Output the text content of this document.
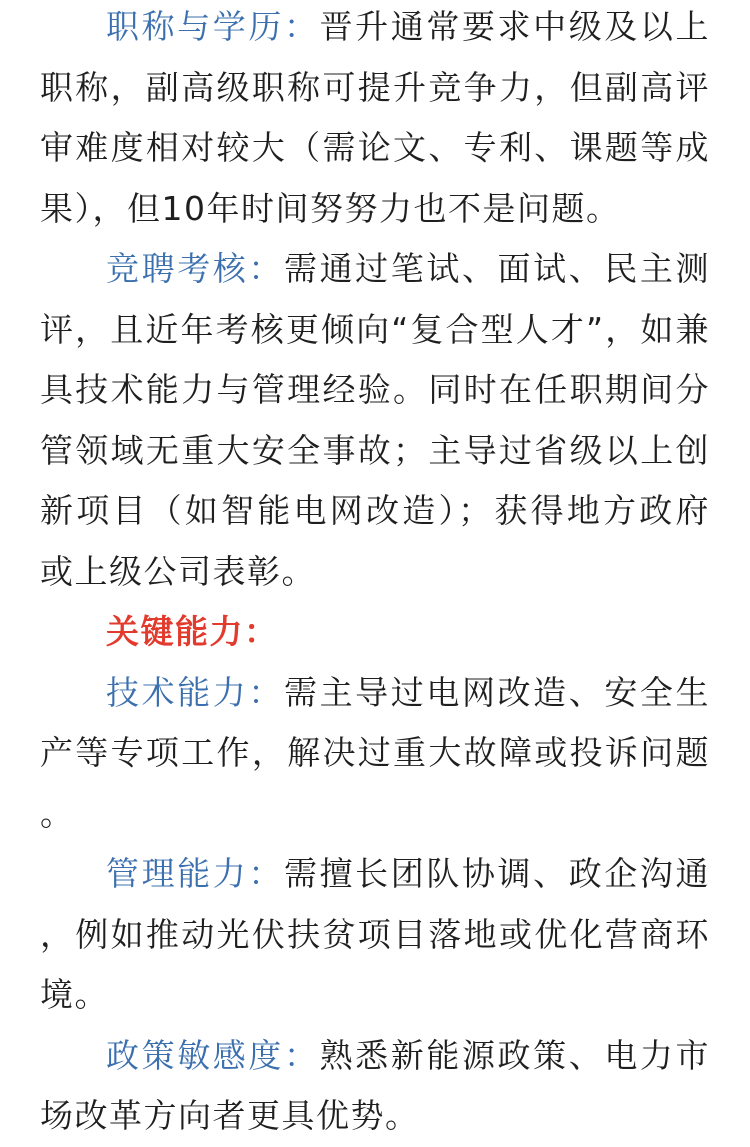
职称与学历：晋升通常要求中级及以上职称，副高级职称可提升竞争力，但副高评审难度相对较大（需论文、专利、课题等成果），但10年时间努努力也不是问题。

竞聘考核：需通过笔试、面试、民主测评，且近年考核更倾向“复合型人才”，如兼具技术能力与管理经验。同时在任职期间分管领域无重大安全事故；主导过省级以上创新项目（如智能电网改造）；获得地方政府或上级公司表彰。

关键能力：

技术能力：需主导过电网改造、安全生产等专项工作，解决过重大故障或投诉问题。

管理能力：需擅长团队协调、政企沟通，例如推动光伏扶贫项目落地或优化营商环境。

政策敏感度：熟悉新能源政策、电力市场改革方向者更具优势。
